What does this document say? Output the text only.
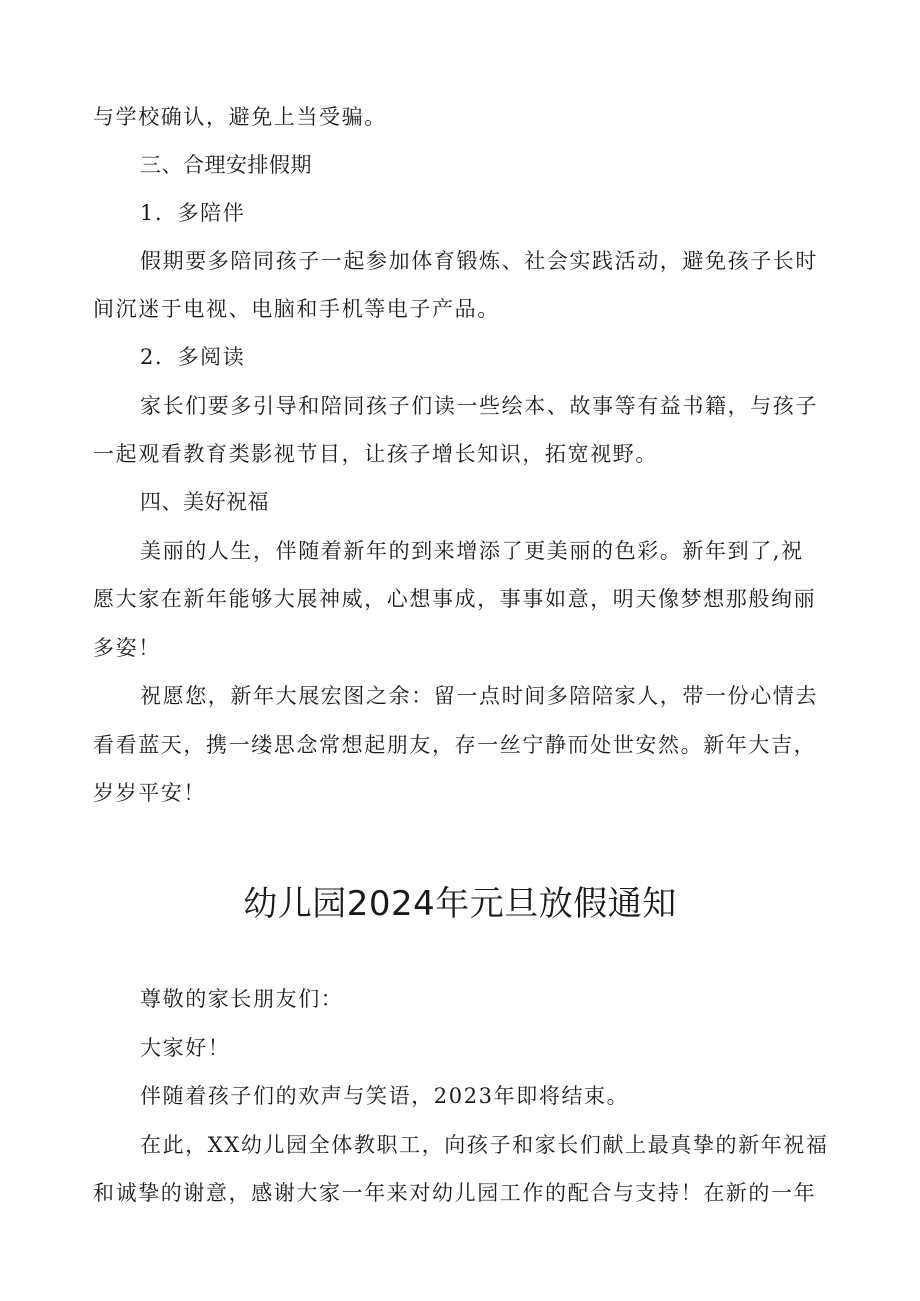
与学校确认，避免上当受骗。
三、合理安排假期
1．多陪伴
假期要多陪同孩子一起参加体育锻炼、社会实践活动，避免孩子长时
间沉迷于电视、电脑和手机等电子产品。
2．多阅读
家长们要多引导和陪同孩子们读一些绘本、故事等有益书籍，与孩子
一起观看教育类影视节目，让孩子增长知识，拓宽视野。
四、美好祝福
美丽的人生，伴随着新年的到来增添了更美丽的色彩。新年到了,祝
愿大家在新年能够大展神威，心想事成，事事如意，明天像梦想那般绚丽
多姿！
祝愿您，新年大展宏图之余：留一点时间多陪陪家人，带一份心情去
看看蓝天，携一缕思念常想起朋友，存一丝宁静而处世安然。新年大吉，
岁岁平安！
幼儿园2024年元旦放假通知
尊敬的家长朋友们：
大家好！
伴随着孩子们的欢声与笑语，2023年即将结束。
在此，XX幼儿园全体教职工，向孩子和家长们献上最真挚的新年祝福
和诚挚的谢意，感谢大家一年来对幼儿园工作的配合与支持！在新的一年
